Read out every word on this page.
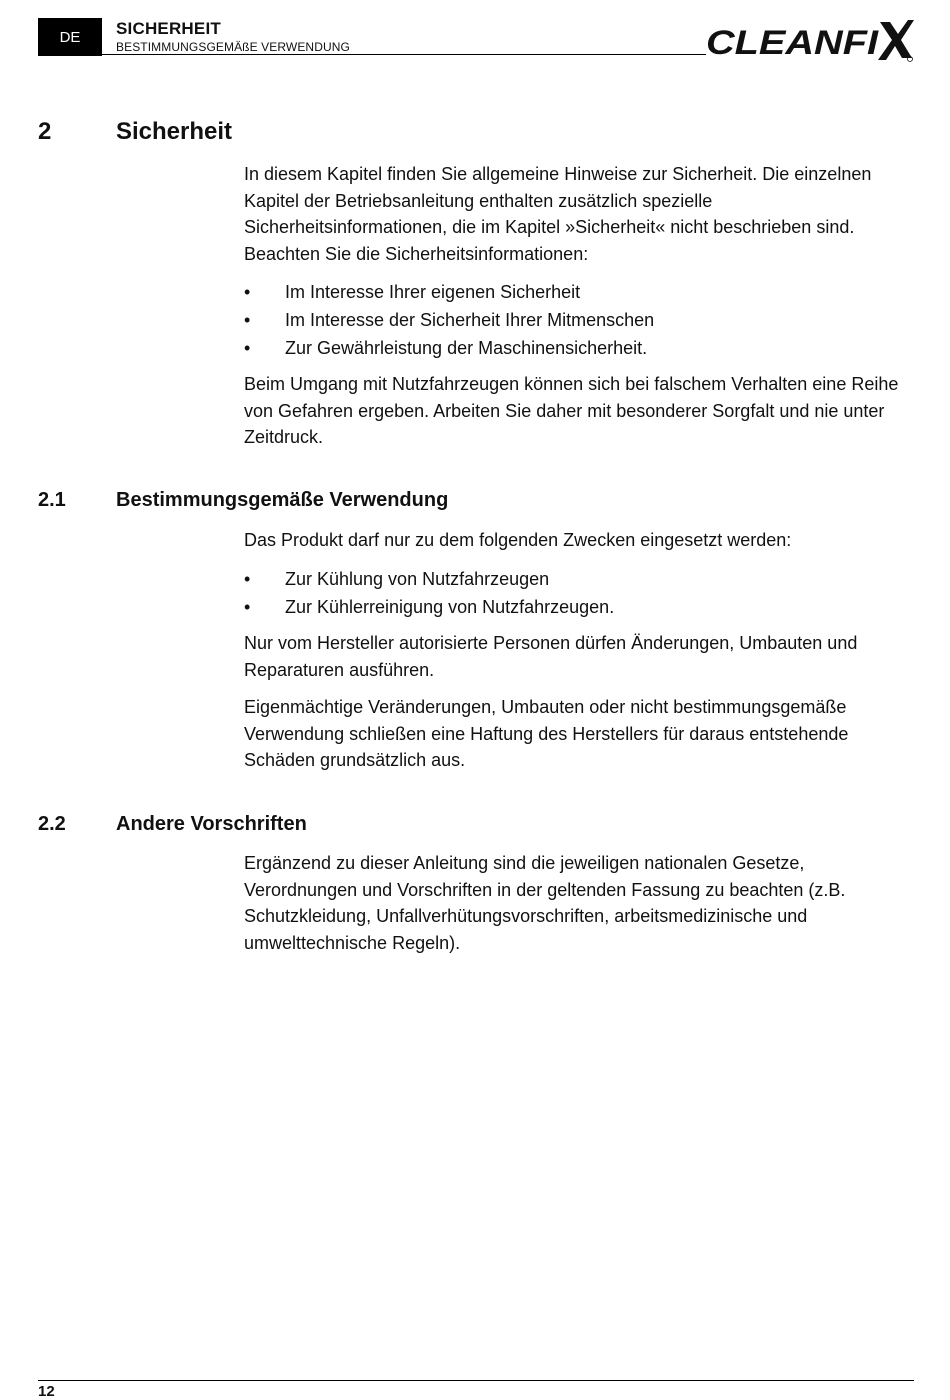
DE	SICHERHEIT
BESTIMMUNGSGEMÄßE VERWENDUNG	CLEANFI
2	Sicherheit

In diesem Kapitel finden Sie allgemeine Hinweise zur Sicherheit. Die einzelnen Kapitel der Betriebsanleitung enthalten zusätzlich spezielle Sicherheitsinformationen, die im Kapitel »Sicherheit« nicht beschrieben sind. Beachten Sie die Sicherheitsinformationen:

• Im Interesse Ihrer eigenen Sicherheit
• Im Interesse der Sicherheit Ihrer Mitmenschen
• Zur Gewährleistung der Maschinensicherheit.

Beim Umgang mit Nutzfahrzeugen können sich bei falschem Verhalten eine Reihe von Gefahren ergeben. Arbeiten Sie daher mit besonderer Sorgfalt und nie unter Zeitdruck.

2.1	Bestimmungsgemäße Verwendung

Das Produkt darf nur zu dem folgenden Zwecken eingesetzt werden:

• Zur Kühlung von Nutzfahrzeugen
• Zur Kühlerreinigung von Nutzfahrzeugen.

Nur vom Hersteller autorisierte Personen dürfen Änderungen, Umbauten und Reparaturen ausführen.

Eigenmächtige Veränderungen, Umbauten oder nicht bestimmungsgemäße Verwendung schließen eine Haftung des Herstellers für daraus entstehende Schäden grundsätzlich aus.

2.2	Andere Vorschriften

Ergänzend zu dieser Anleitung sind die jeweiligen nationalen Gesetze, Verordnungen und Vorschriften in der geltenden Fassung zu beachten (z.B. Schutzkleidung, Unfallverhütungsvorschriften, arbeitsmedizinische und umwelttechnische Regeln).

12
